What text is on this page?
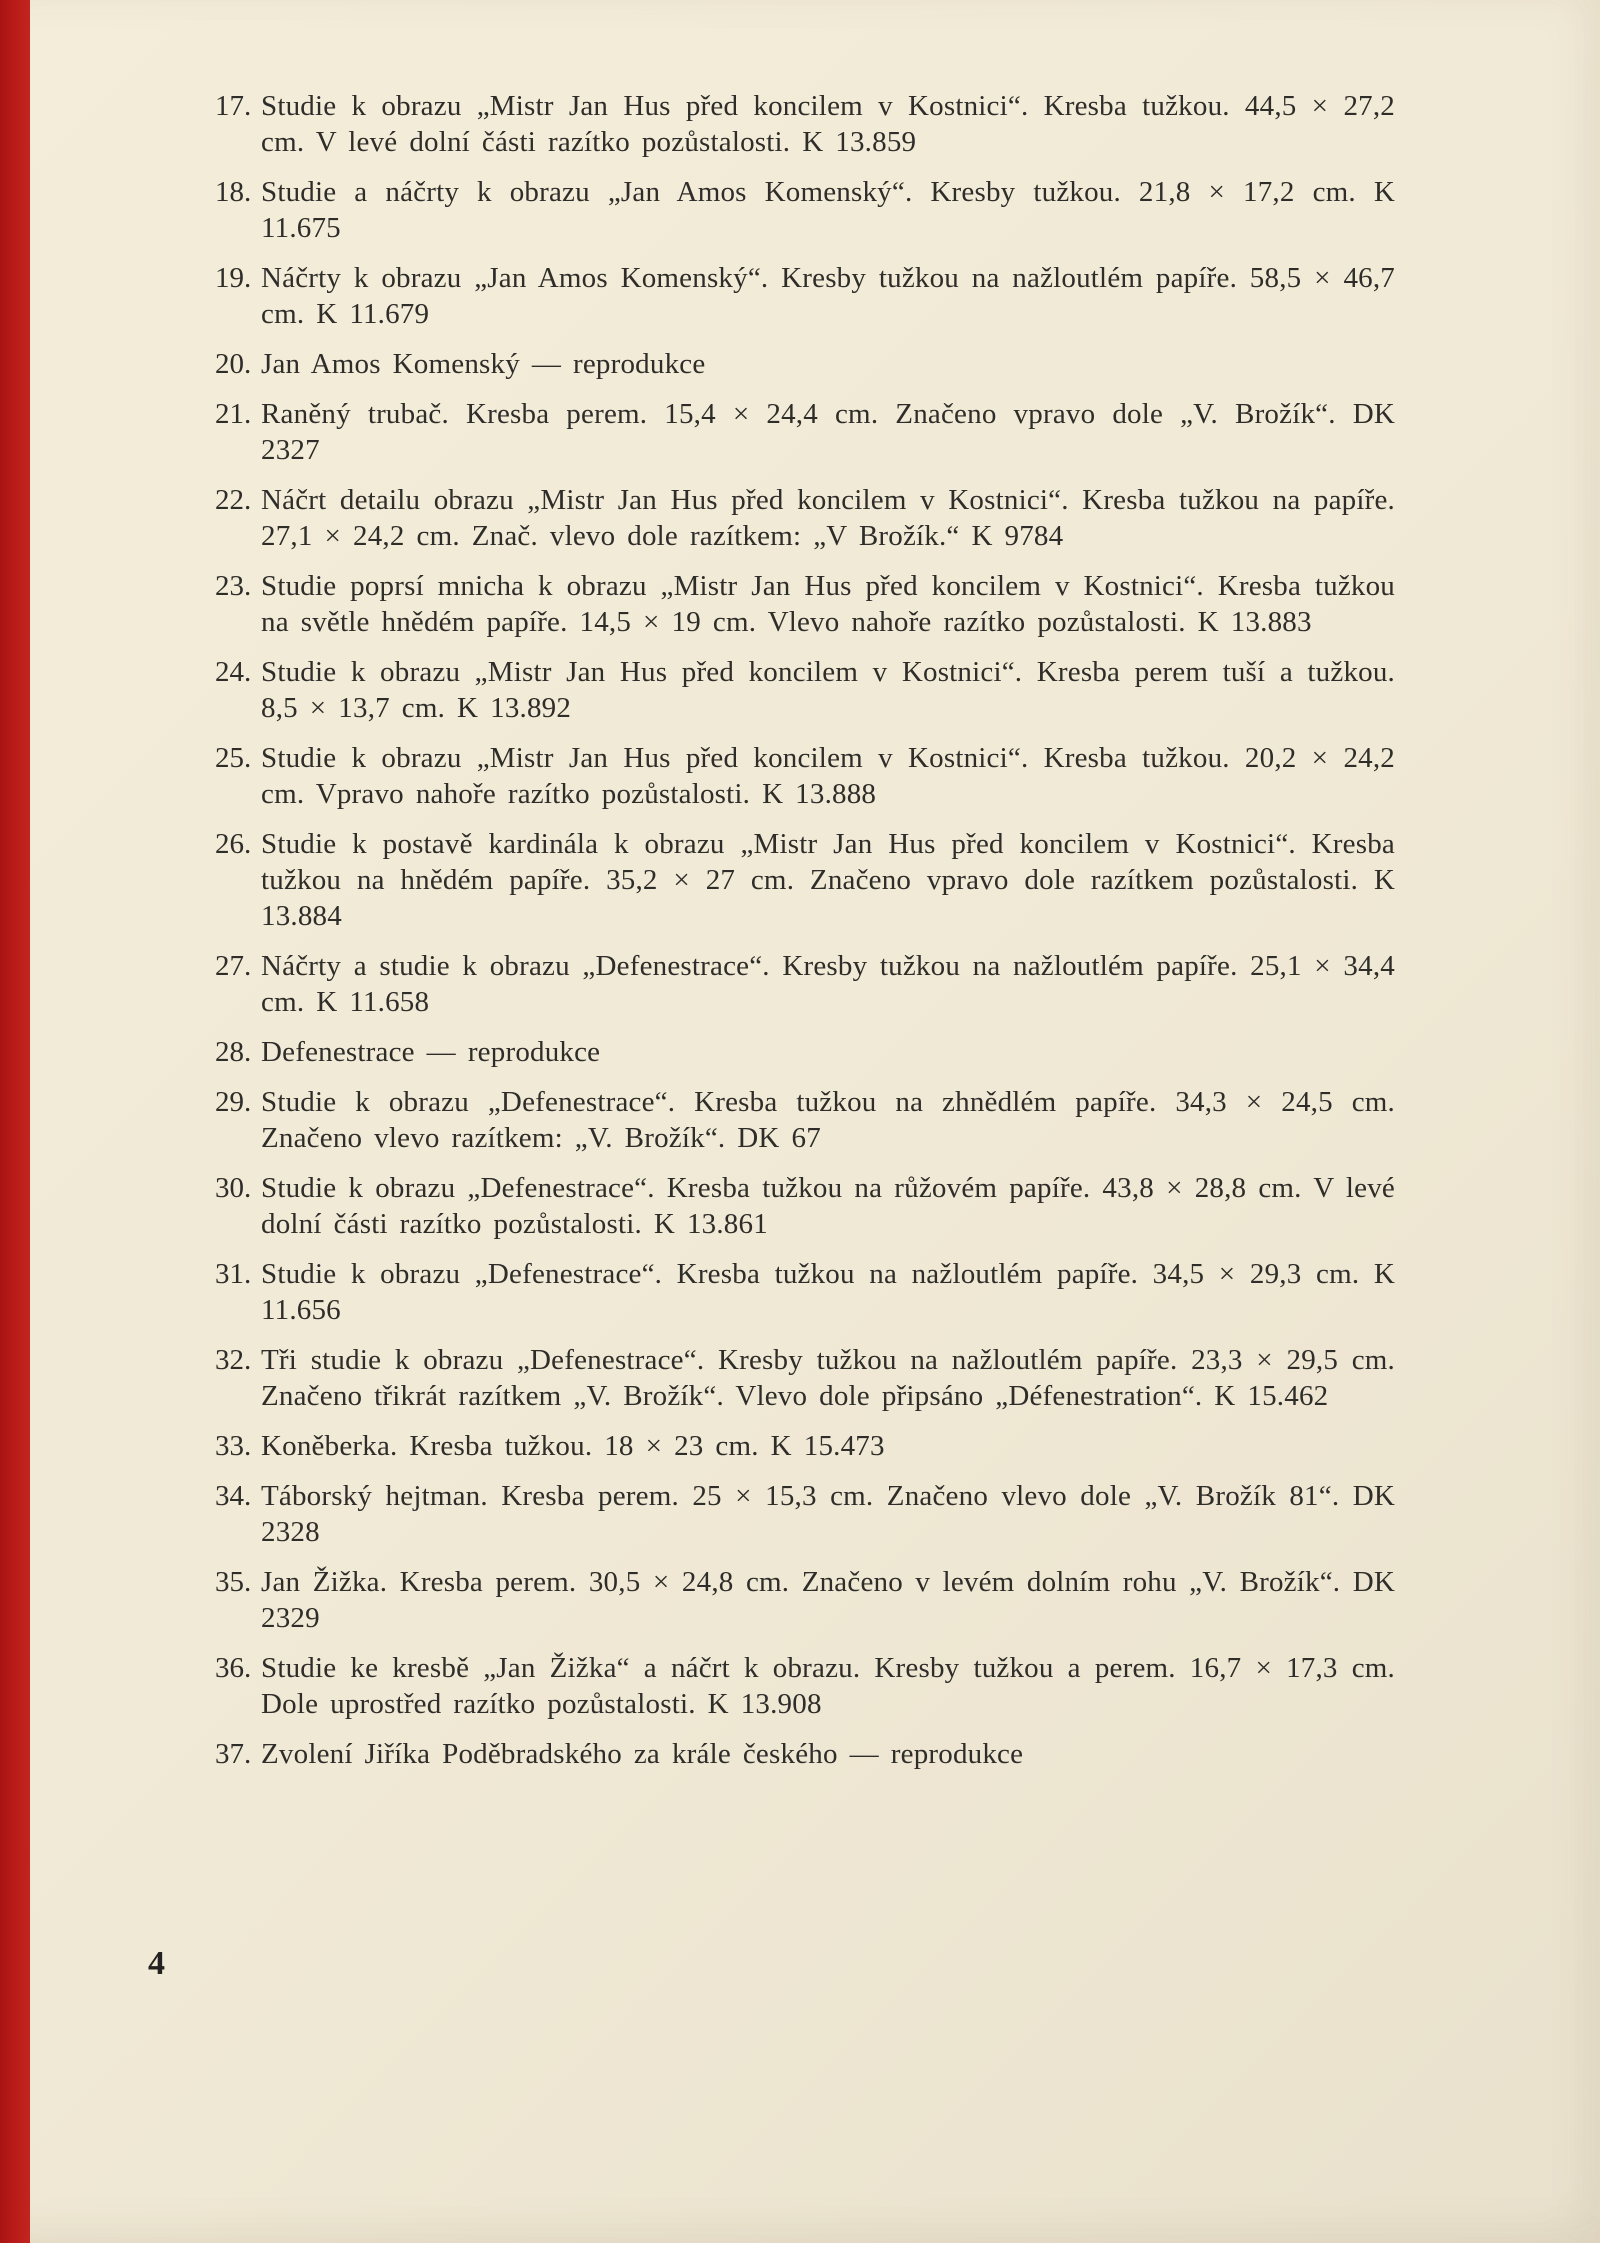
17. Studie k obrazu „Mistr Jan Hus před koncilem v Kostnici“. Kresba tužkou. 44,5 × 27,2 cm. V levé dolní části razítko pozůstalosti. K 13.859
18. Studie a náčrty k obrazu „Jan Amos Komenský“. Kresby tužkou. 21,8 × 17,2 cm. K 11.675
19. Náčrty k obrazu „Jan Amos Komenský“. Kresby tužkou na nažloutlém papíře. 58,5 × 46,7 cm. K 11.679
20. Jan Amos Komenský — reprodukce
21. Raněný trubač. Kresba perem. 15,4 × 24,4 cm. Značeno vpravo dole „V. Brožík“. DK 2327
22. Náčrt detailu obrazu „Mistr Jan Hus před koncilem v Kostnici“. Kresba tužkou na papíře. 27,1 × 24,2 cm. Znač. vlevo dole razítkem: „V Brožík.“ K 9784
23. Studie poprsí mnicha k obrazu „Mistr Jan Hus před koncilem v Kostnici“. Kresba tužkou na světle hnědém papíře. 14,5 × 19 cm. Vlevo nahoře razítko pozůstalosti. K 13.883
24. Studie k obrazu „Mistr Jan Hus před koncilem v Kostnici“. Kresba perem tuší a tužkou. 8,5 × 13,7 cm. K 13.892
25. Studie k obrazu „Mistr Jan Hus před koncilem v Kostnici“. Kresba tužkou. 20,2 × 24,2 cm. Vpravo nahoře razítko pozůstalosti. K 13.888
26. Studie k postavě kardinála k obrazu „Mistr Jan Hus před koncilem v Kostnici“. Kresba tužkou na hnědém papíře. 35,2 × 27 cm. Značeno vpravo dole razítkem pozůstalosti. K 13.884
27. Náčrty a studie k obrazu „Defenestrace“. Kresby tužkou na nažloutlém papíře. 25,1 × 34,4 cm. K 11.658
28. Defenestrace — reprodukce
29. Studie k obrazu „Defenestrace“. Kresba tužkou na zhnědlém papíře. 34,3 × 24,5 cm. Značeno vlevo razítkem: „V. Brožík“. DK 67
30. Studie k obrazu „Defenestrace“. Kresba tužkou na růžovém papíře. 43,8 × 28,8 cm. V levé dolní části razítko pozůstalosti. K 13.861
31. Studie k obrazu „Defenestrace“. Kresba tužkou na nažloutlém papíře. 34,5 × 29,3 cm. K 11.656
32. Tři studie k obrazu „Defenestrace“. Kresby tužkou na nažloutlém papíře. 23,3 × 29,5 cm. Značeno třikrát razítkem „V. Brožík“. Vlevo dole připsáno „Défenestration“. K 15.462
33. Koněberka. Kresba tužkou. 18 × 23 cm. K 15.473
34. Táborský hejtman. Kresba perem. 25 × 15,3 cm. Značeno vlevo dole „V. Brožík 81“. DK 2328
35. Jan Žižka. Kresba perem. 30,5 × 24,8 cm. Značeno v levém dolním rohu „V. Brožík“. DK 2329
36. Studie ke kresbě „Jan Žižka“ a náčrt k obrazu. Kresby tužkou a perem. 16,7 × 17,3 cm. Dole uprostřed razítko pozůstalosti. K 13.908
37. Zvolení Jiříka Poděbradského za krále českého — reprodukce
4
